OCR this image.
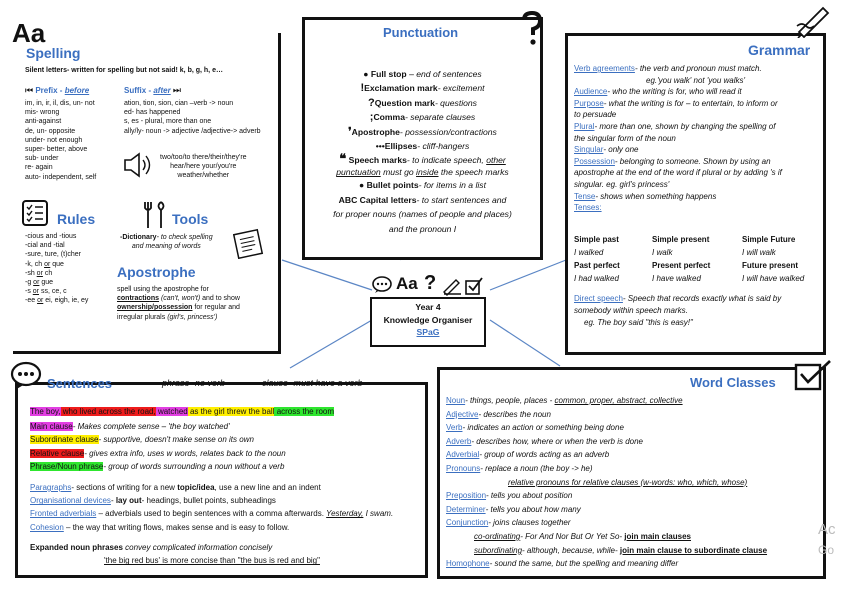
Aa
Spelling
Silent letters- written for spelling but not said! k, b, g, h, e…
⏮ Prefix - before	Suffix - after ⏭
im, in, ir, il, dis, un- not
mis- wrong
anti-against
de, un- opposite
under- not enough
super- better, above
sub- under
re- again
auto- independent, self
ation, tion, sion, cian –verb -> noun
ed- has happened
s, es - plural, more than one
ally/ly- noun -> adjective /adjective-> adverb
two/too/to there/their/they're
hear/here your/you're
weather/whether
Rules
-cious and -tious
-cial and -tial
-sure, ture, (t)cher
-k, ch or que
-sh or ch
-g or gue
-s or ss, ce, c
-ee or ei, eigh, ie, ey
Tools
-Dictionary- to check spelling
and meaning of words
Apostrophe
spell using the apostrophe for
contractions (can't, won't) and to show
ownership/possession for regular and
irregular plurals (girl's, princess')
Punctuation
● Full stop – end of sentences
!Exclamation mark- excitement
?Question mark- questions
;Comma- separate clauses
❜Apostrophe- possession/contractions
•••Ellipses- cliff-hangers
❝ Speech marks- to indicate speech, other
punctuation must go inside the speech marks
● Bullet points- for items in a list
ABC Capital letters- to start sentences and
for proper nouns (names of people and places)
and the pronoun I
Aa ?
Year 4
Knowledge Organiser
SPaG
Grammar
Verb agreements- the verb and pronoun must match.
eg.'you walk' not 'you walks'
Audience- who the writing is for, who will read it
Purpose- what the writing is for – to entertain, to inform or
to persuade
Plural- more than one, shown by changing the spelling of
the singular form of the noun
Singular- only one
Possession- belonging to someone. Shown by using an
apostrophe at the end of the word if plural or by adding 's if
singular. eg. girl's princess'
Tense- shows when something happens
Tenses:
Simple past	Simple present	Simple Future
I walked	I walk	I will walk
Past perfect	Present perfect	Future present
I had walked	I have walked	I will have walked
Direct speech- Speech that records exactly what is said by
somebody within speech marks.
eg. The boy said "this is easy!"
Sentences	phrase- no verb	clause- must have a verb
The boy, who lived across the road, watched as the girl threw the ball across the room
Main clause- Makes complete sense – 'the boy watched'
Subordinate clause- supportive, doesn't make sense on its own
Relative clause- gives extra info, uses w words, relates back to the noun
Phrase/Noun phrase- group of words surrounding a noun without a verb
Paragraphs- sections of writing for a new topic/idea, use a new line and an indent
Organisational devices- lay out- headings, bullet points, subheadings
Fronted adverbials – adverbials used to begin sentences with a comma afterwards. Yesterday, I swam.
Cohesion – the way that writing flows, makes sense and is easy to follow.
Expanded noun phrases convey complicated information concisely
'the big red bus' is more concise than "the bus is red and big"
Word Classes
Noun- things, people, places - common, proper, abstract, collective
Adjective- describes the noun
Verb- indicates an action or something being done
Adverb- describes how, where or when the verb is done
Adverbial- group of words acting as an adverb
Pronouns- replace a noun (the boy -> he)
relative pronouns for relative clauses (w-words: who, which, whose)
Preposition- tells you about position
Determiner- tells you about how many
Conjunction- joins clauses together
co-ordinating- For And Nor But Or Yet So- join main clauses
subordinating- although, because, while- join main clause to subordinate clause
Homophone- sound the same, but the spelling and meaning differ
Ac
Go
